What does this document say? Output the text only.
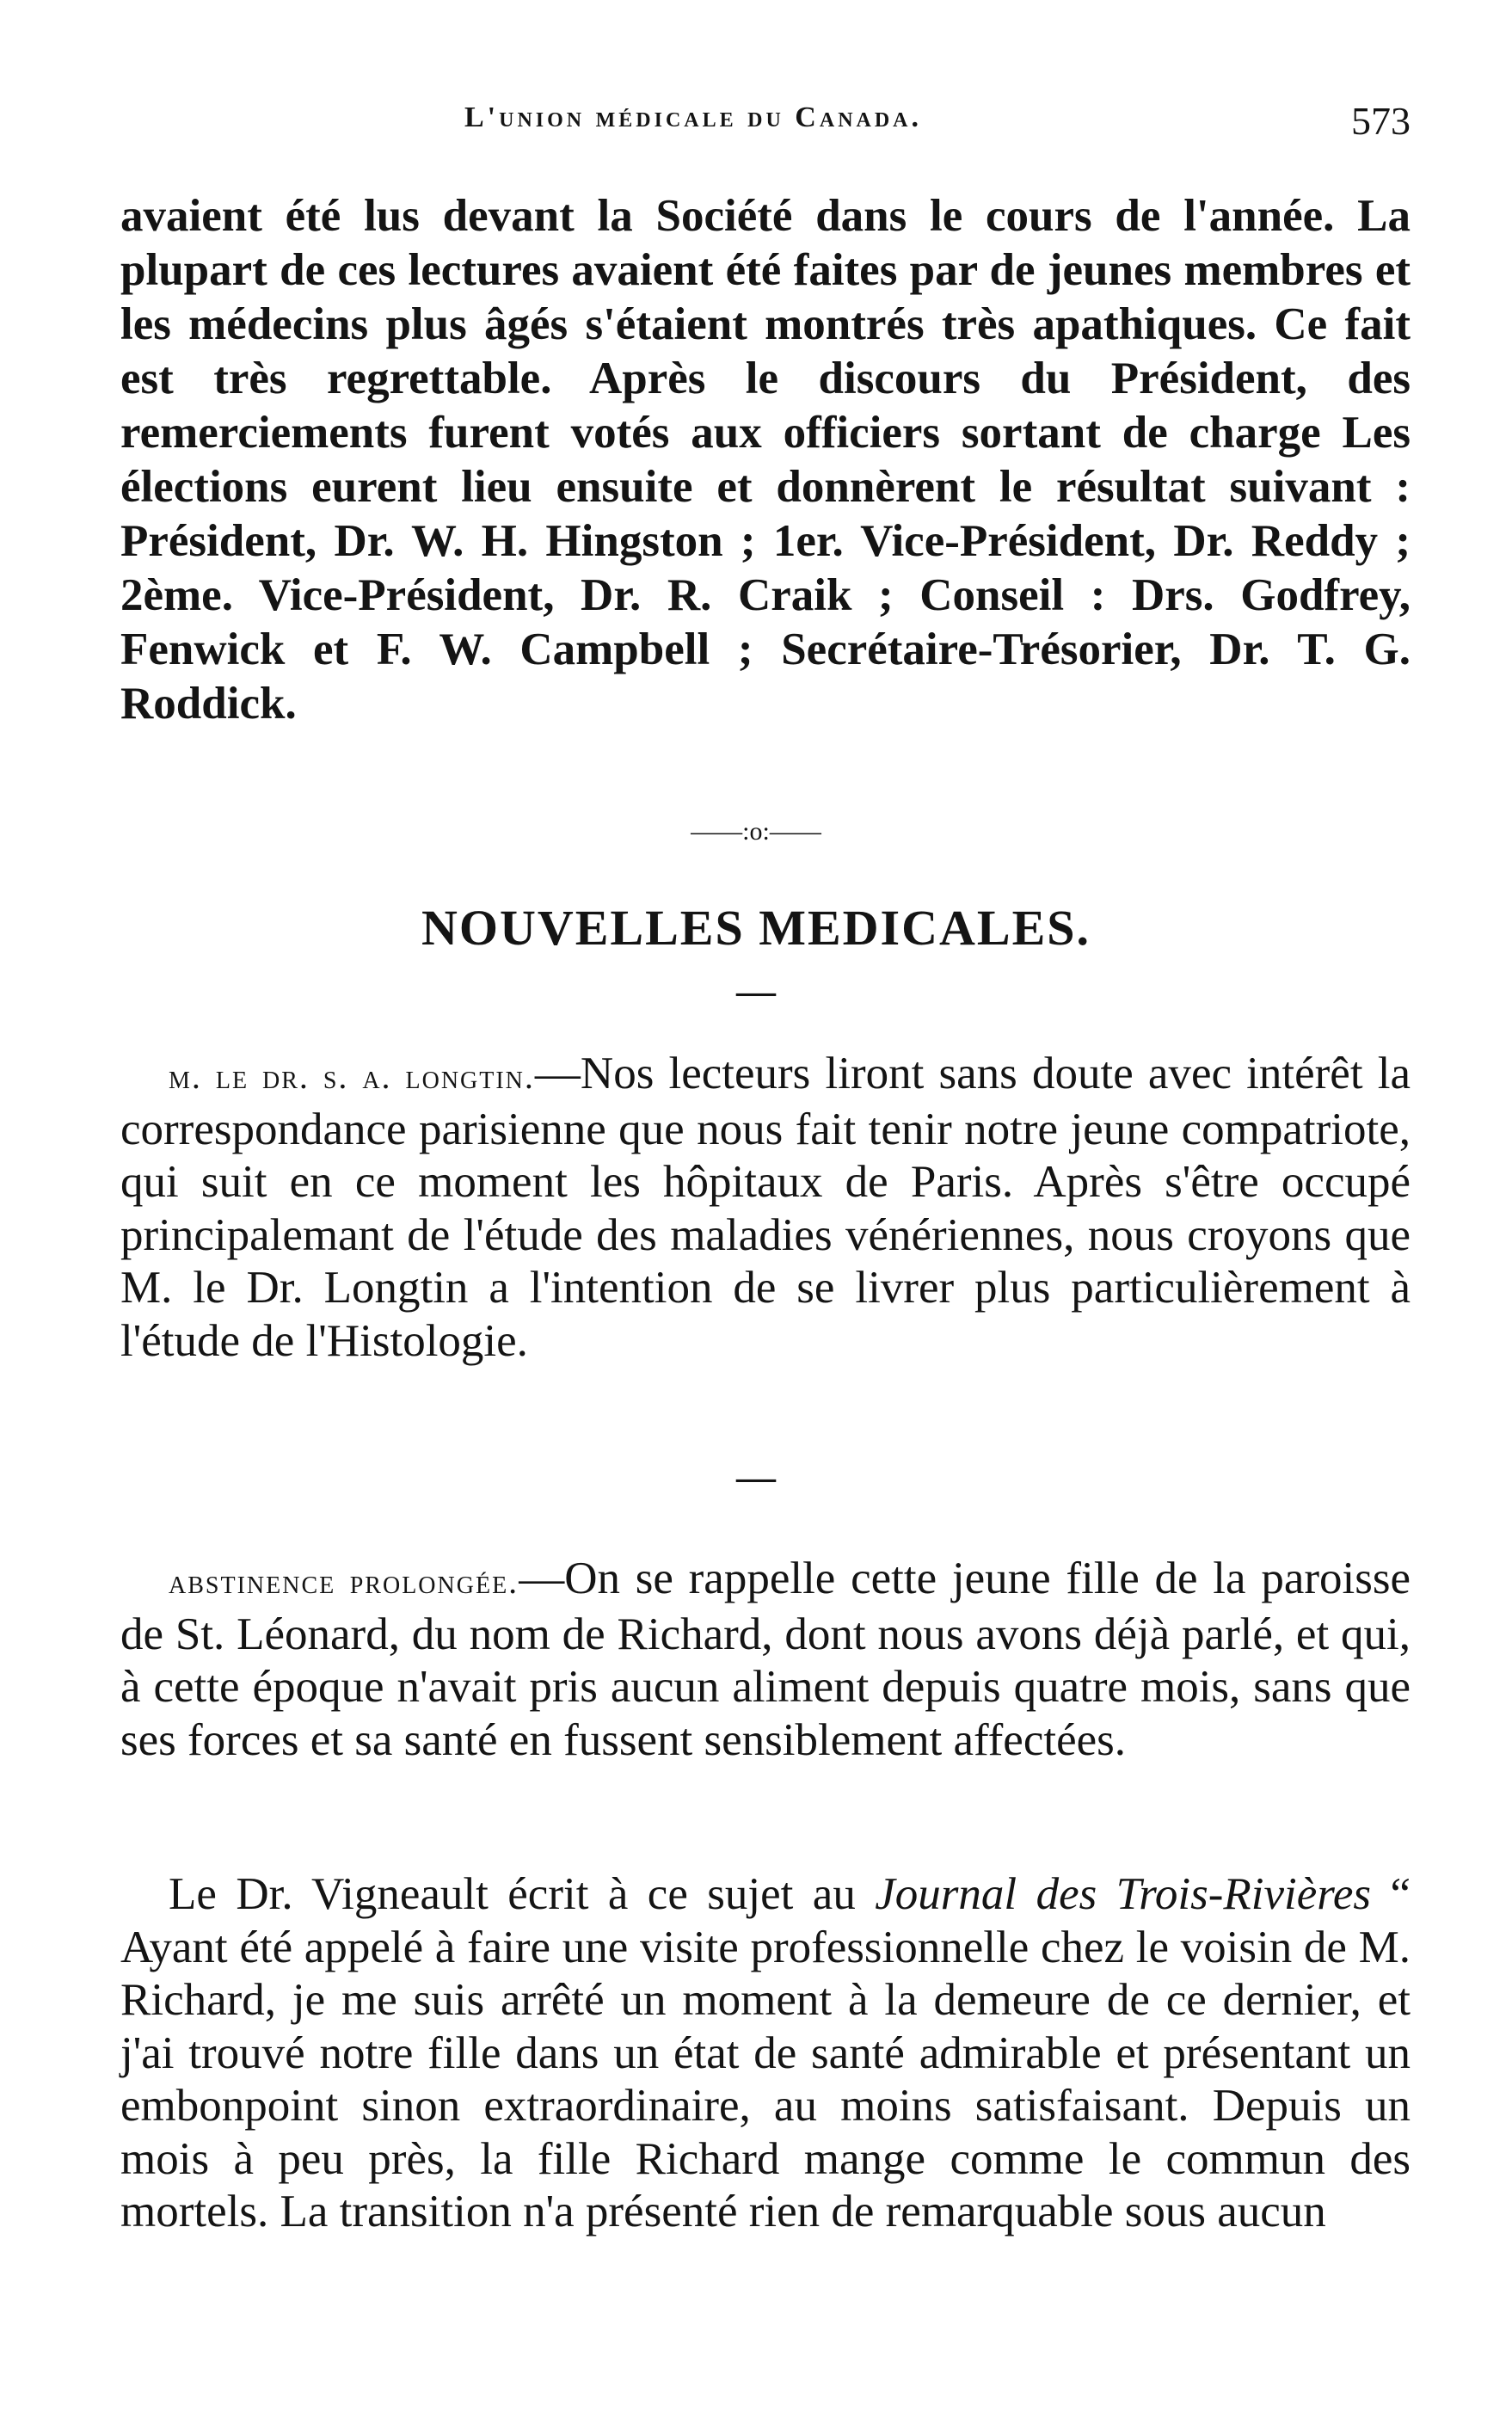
L'union médicale du Canada.	573

avaient été lus devant la Société dans le cours de l'année. La plupart de ces lectures avaient été faites par de jeunes membres et les médecins plus âgés s'étaient montrés très apathiques. Ce fait est très regrettable. Après le discours du Président, des remerciements furent votés aux officiers sortant de charge Les élections eurent lieu ensuite et donnèrent le résultat suivant : Président, Dr. W. H. Hingston ; 1er. Vice-Président, Dr. Reddy ; 2ème. Vice-Président, Dr. R. Craik ; Conseil : Drs. Godfrey, Fenwick et F. W. Campbell ; Secrétaire-Trésorier, Dr. T. G. Roddick.

——:o:——
NOUVELLES MEDICALES.
—

m. le dr. s. a. longtin.—Nos lecteurs liront sans doute avec intérêt la correspondance parisienne que nous fait tenir notre jeune compatriote, qui suit en ce moment les hôpitaux de Paris. Après s'être occupé principalemant de l'étude des maladies vénériennes, nous croyons que M. le Dr. Longtin a l'intention de se livrer plus particulièrement à l'étude de l'Histologie.

—

abstinence prolongée.—On se rappelle cette jeune fille de la paroisse de St. Léonard, du nom de Richard, dont nous avons déjà parlé, et qui, à cette époque n'avait pris aucun aliment depuis quatre mois, sans que ses forces et sa santé en fussent sensiblement affectées.

Le Dr. Vigneault écrit à ce sujet au Journal des Trois-Rivières “ Ayant été appelé à faire une visite professionnelle chez le voisin de M. Richard, je me suis arrêté un moment à la demeure de ce dernier, et j'ai trouvé notre fille dans un état de santé admirable et présentant un embonpoint sinon extraordinaire, au moins satisfaisant. Depuis un mois à peu près, la fille Richard mange comme le commun des mortels. La transition n'a présenté rien de remarquable sous aucun
